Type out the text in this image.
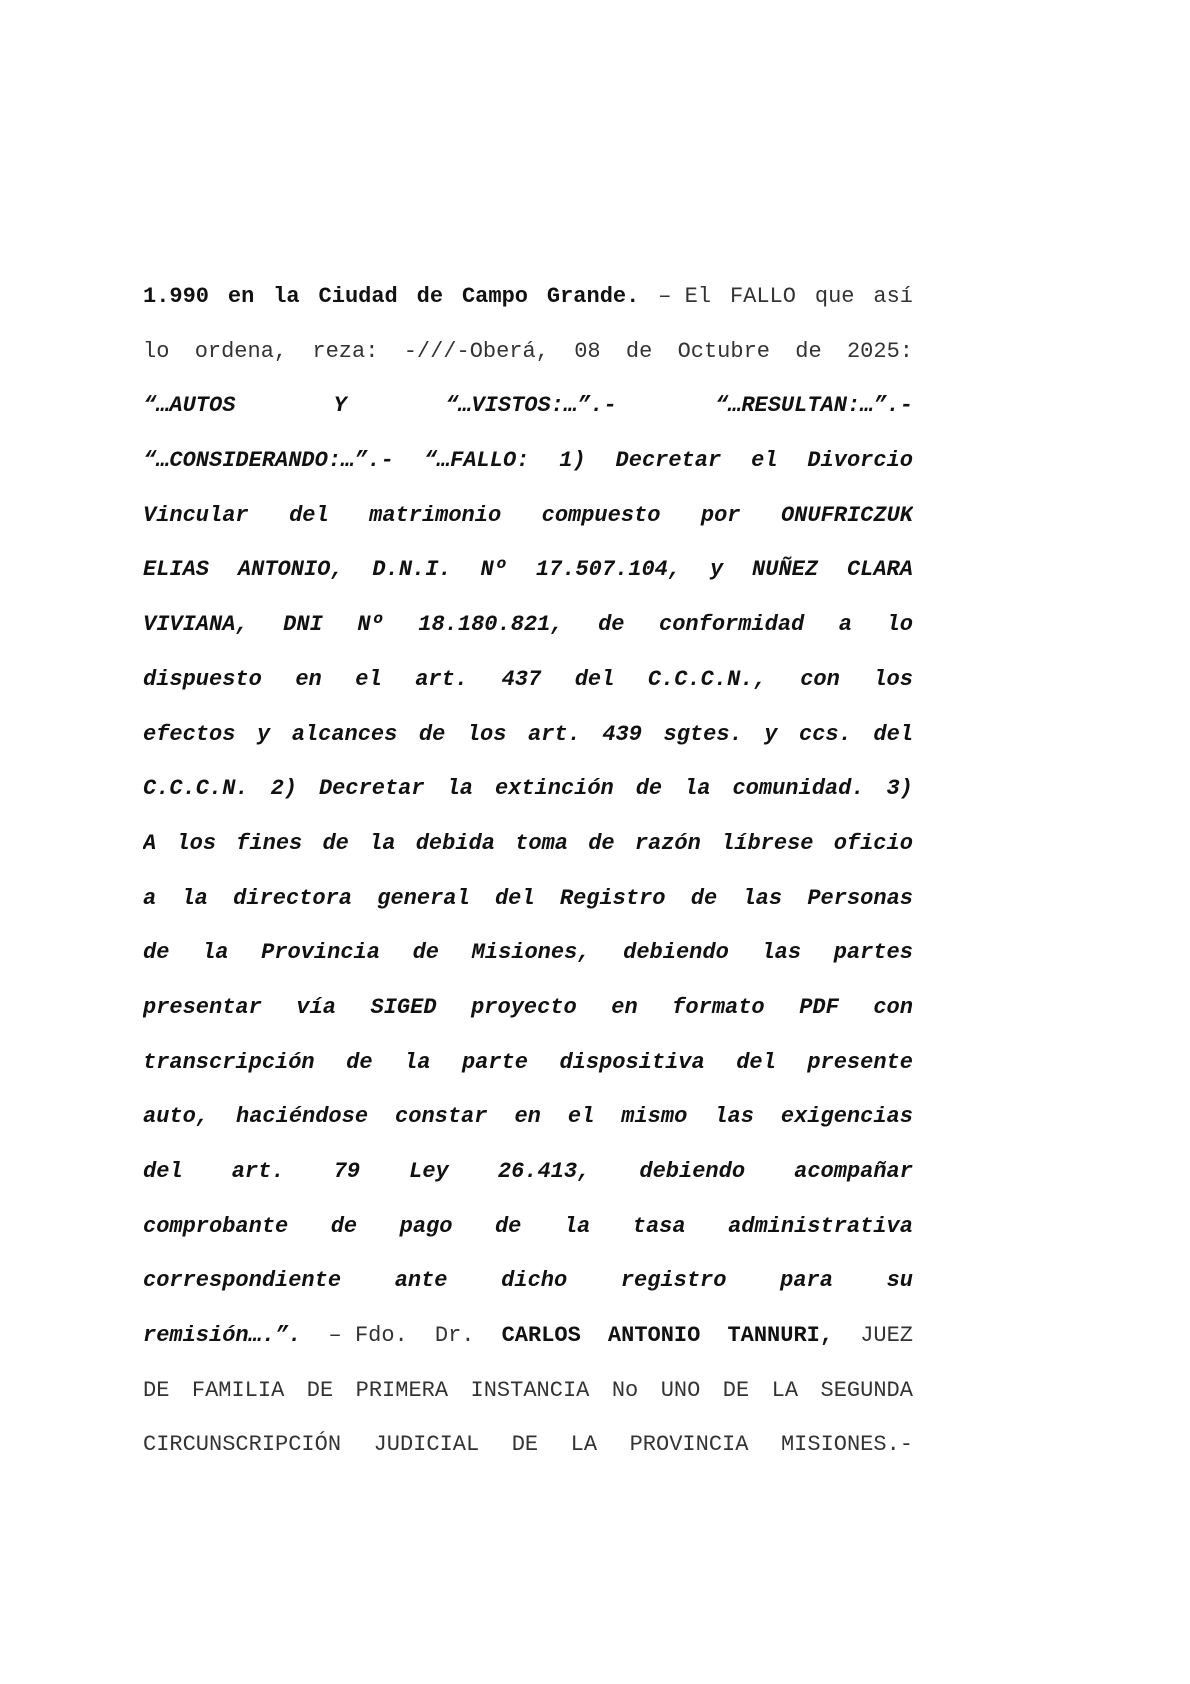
1.990 en la Ciudad de Campo Grande. – El FALLO que así
lo ordena, reza: -///-Oberá, 08 de Octubre de 2025:
“…AUTOS	Y	“…VISTOS:…”.-	“…RESULTAN:…”.-
“…CONSIDERANDO:…”.- “…FALLO: 1) Decretar el Divorcio
Vincular del matrimonio compuesto por ONUFRICZUK
ELIAS ANTONIO, D.N.I. Nº 17.507.104, y NUÑEZ CLARA
VIVIANA, DNI Nº 18.180.821, de conformidad a lo
dispuesto en el art. 437 del C.C.C.N., con los
efectos y alcances de los art. 439 sgtes. y ccs. del
C.C.C.N. 2) Decretar la extinción de la comunidad. 3)
A los fines de la debida toma de razón líbrese oficio
a la directora general del Registro de las Personas
de la Provincia de Misiones, debiendo las partes
presentar vía SIGED proyecto en formato PDF con
transcripción de la parte dispositiva del presente
auto, haciéndose constar en el mismo las exigencias
del art. 79 Ley 26.413, debiendo acompañar
comprobante de pago de la tasa administrativa
correspondiente ante dicho registro para su
remisión….”. – Fdo. Dr. CARLOS ANTONIO TANNURI, JUEZ
DE FAMILIA DE PRIMERA INSTANCIA No UNO DE LA SEGUNDA
CIRCUNSCRIPCIÓN JUDICIAL DE LA PROVINCIA MISIONES.-
